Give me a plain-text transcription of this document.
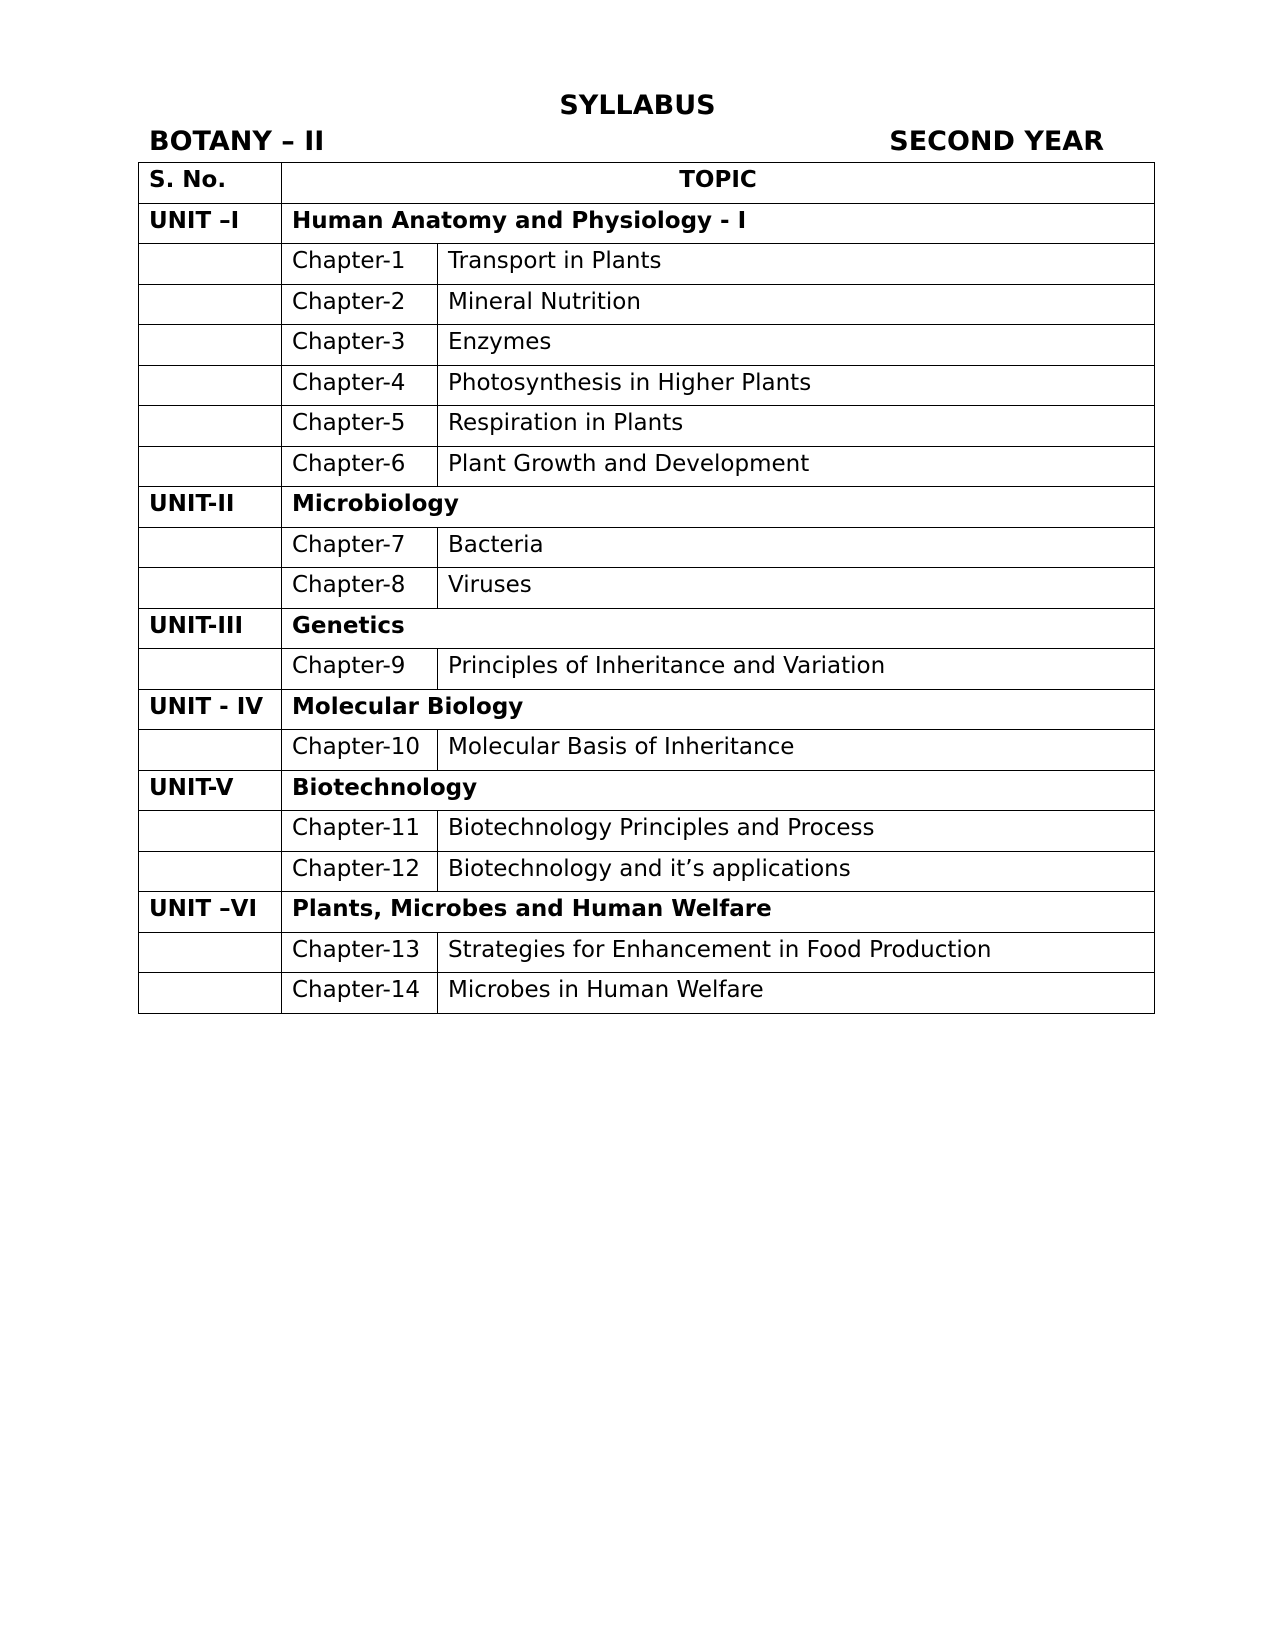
SYLLABUS
BOTANY – II	SECOND YEAR
S. No.	TOPIC	
UNIT –I	Human Anatomy and Physiology - I	
	Chapter-1	Transport in Plants
	Chapter-2	Mineral Nutrition
	Chapter-3	Enzymes
	Chapter-4	Photosynthesis in Higher Plants
	Chapter-5	Respiration in Plants
	Chapter-6	Plant Growth and Development
UNIT-II	Microbiology	
	Chapter-7	Bacteria
	Chapter-8	Viruses
UNIT-III	Genetics	
	Chapter-9	Principles of Inheritance and Variation
UNIT - IV	Molecular Biology	
	Chapter-10	Molecular Basis of Inheritance
UNIT-V	Biotechnology	
	Chapter-11	Biotechnology Principles and Process
	Chapter-12	Biotechnology and it’s applications
UNIT –VI	Plants, Microbes and Human Welfare	
	Chapter-13	Strategies for Enhancement in Food Production
	Chapter-14	Microbes in Human Welfare
